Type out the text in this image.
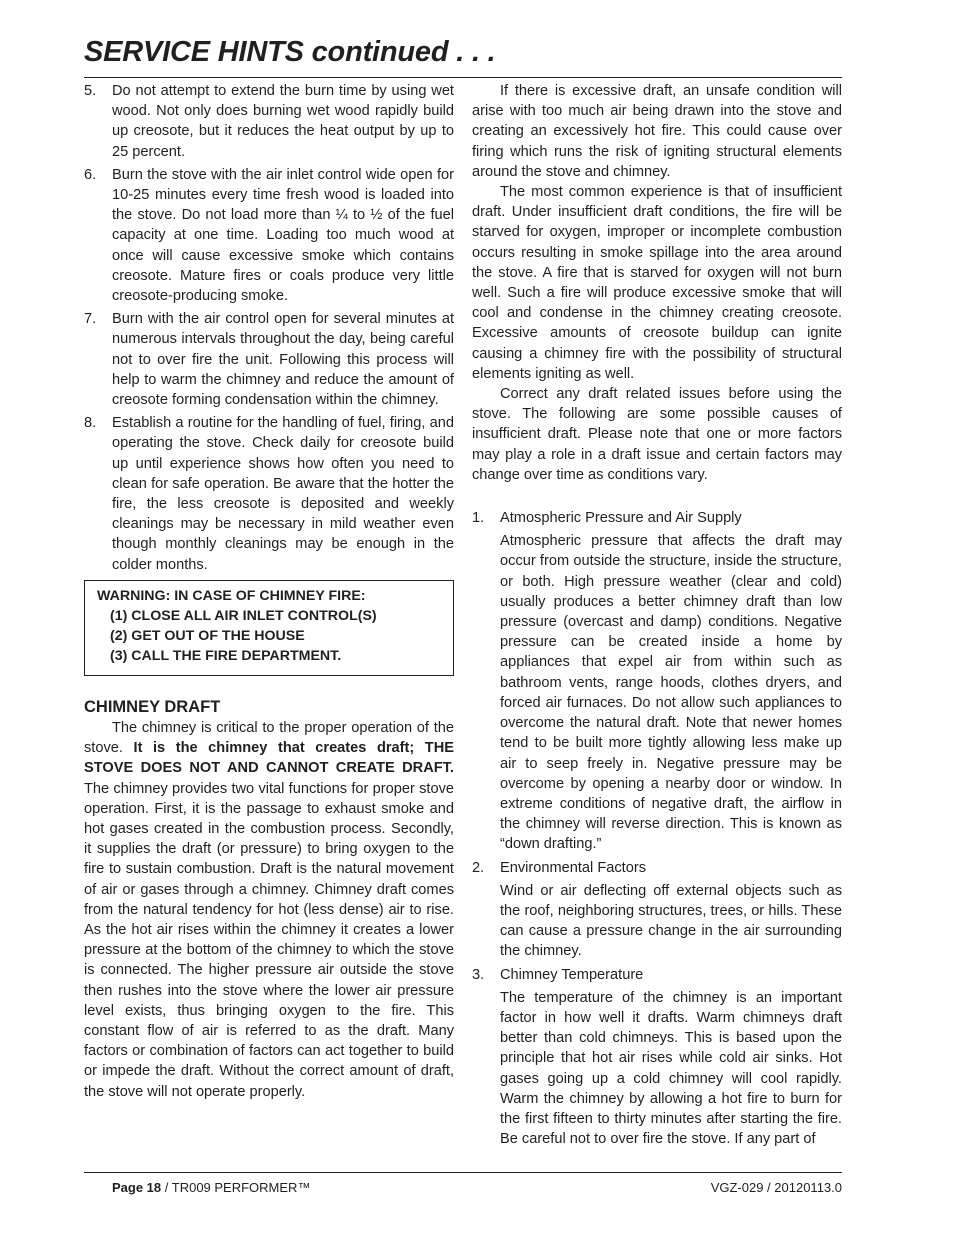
SERVICE HINTS continued . . .
5.	Do not attempt to extend the burn time by using wet wood. Not only does burning wet wood rapidly build up creosote, but it reduces the heat output by up to 25 percent.
6.	Burn the stove with the air inlet control wide open for 10-25 minutes every time fresh wood is loaded into the stove. Do not load more than ¼ to ½ of the fuel capacity at one time. Loading too much wood at once will cause excessive smoke which contains creosote. Mature fires or coals produce very little creosote-producing smoke.
7.	Burn with the air control open for several minutes at numerous intervals throughout the day, being careful not to over fire the unit. Following this process will help to warm the chimney and reduce the amount of creosote forming condensation within the chimney.
8.	Establish a routine for the handling of fuel, firing, and operating the stove. Check daily for creosote build up until experience shows how often you need to clean for safe operation. Be aware that the hotter the fire, the less creosote is deposited and weekly cleanings may be necessary in mild weather even though monthly cleanings may be enough in the colder months.
WARNING: IN CASE OF CHIMNEY FIRE:
(1) CLOSE ALL AIR INLET CONTROL(S)
(2) GET OUT OF THE HOUSE
(3) CALL THE FIRE DEPARTMENT.
CHIMNEY DRAFT

The chimney is critical to the proper operation of the stove. It is the chimney that creates draft; THE STOVE DOES NOT AND CANNOT CREATE DRAFT. The chimney provides two vital functions for proper stove operation. First, it is the passage to exhaust smoke and hot gases created in the combustion process. Secondly, it supplies the draft (or pressure) to bring oxygen to the fire to sustain combustion. Draft is the natural movement of air or gases through a chimney. Chimney draft comes from the natural tendency for hot (less dense) air to rise. As the hot air rises within the chimney it creates a lower pressure at the bottom of the chimney to which the stove is connected. The higher pressure air outside the stove then rushes into the stove where the lower air pressure level exists, thus bringing oxygen to the fire. This constant flow of air is referred to as the draft. Many factors or combination of factors can act together to build or impede the draft. Without the correct amount of draft, the stove will not operate properly.

If there is excessive draft, an unsafe condition will arise with too much air being drawn into the stove and creating an excessively hot fire. This could cause over firing which runs the risk of igniting structural elements around the stove and chimney.

The most common experience is that of insufficient draft. Under insufficient draft conditions, the fire will be starved for oxygen, improper or incomplete combustion occurs resulting in smoke spillage into the area around the stove. A fire that is starved for oxygen will not burn well. Such a fire will produce excessive smoke that will cool and condense in the chimney creating creosote. Excessive amounts of creosote buildup can ignite causing a chimney fire with the possibility of structural elements igniting as well.

Correct any draft related issues before using the stove. The following are some possible causes of insufficient draft. Please note that one or more factors may play a role in a draft issue and certain factors may change over time as conditions vary.

1.	Atmospheric Pressure and Air Supply
Atmospheric pressure that affects the draft may occur from outside the structure, inside the structure, or both. High pressure weather (clear and cold) usually produces a better chimney draft than low pressure (overcast and damp) conditions. Negative pressure can be created inside a home by appliances that expel air from within such as bathroom vents, range hoods, clothes dryers, and forced air furnaces. Do not allow such appliances to overcome the natural draft. Note that newer homes tend to be built more tightly allowing less make up air to seep freely in. Negative pressure may be overcome by opening a nearby door or window. In extreme conditions of negative draft, the airflow in the chimney will reverse direction. This is known as “down drafting.”
2.	Environmental Factors
Wind or air deflecting off external objects such as the roof, neighboring structures, trees, or hills. These can cause a pressure change in the air surrounding the chimney.
3.	Chimney Temperature
The temperature of the chimney is an important factor in how well it drafts. Warm chimneys draft better than cold chimneys. This is based upon the principle that hot air rises while cold air sinks. Hot gases going up a cold chimney will cool rapidly. Warm the chimney by allowing a hot fire to burn for the first fifteen to thirty minutes after starting the fire. Be careful not to over fire the stove. If any part of
Page 18 / TR009 PERFORMER™	VGZ-029 / 20120113.0
